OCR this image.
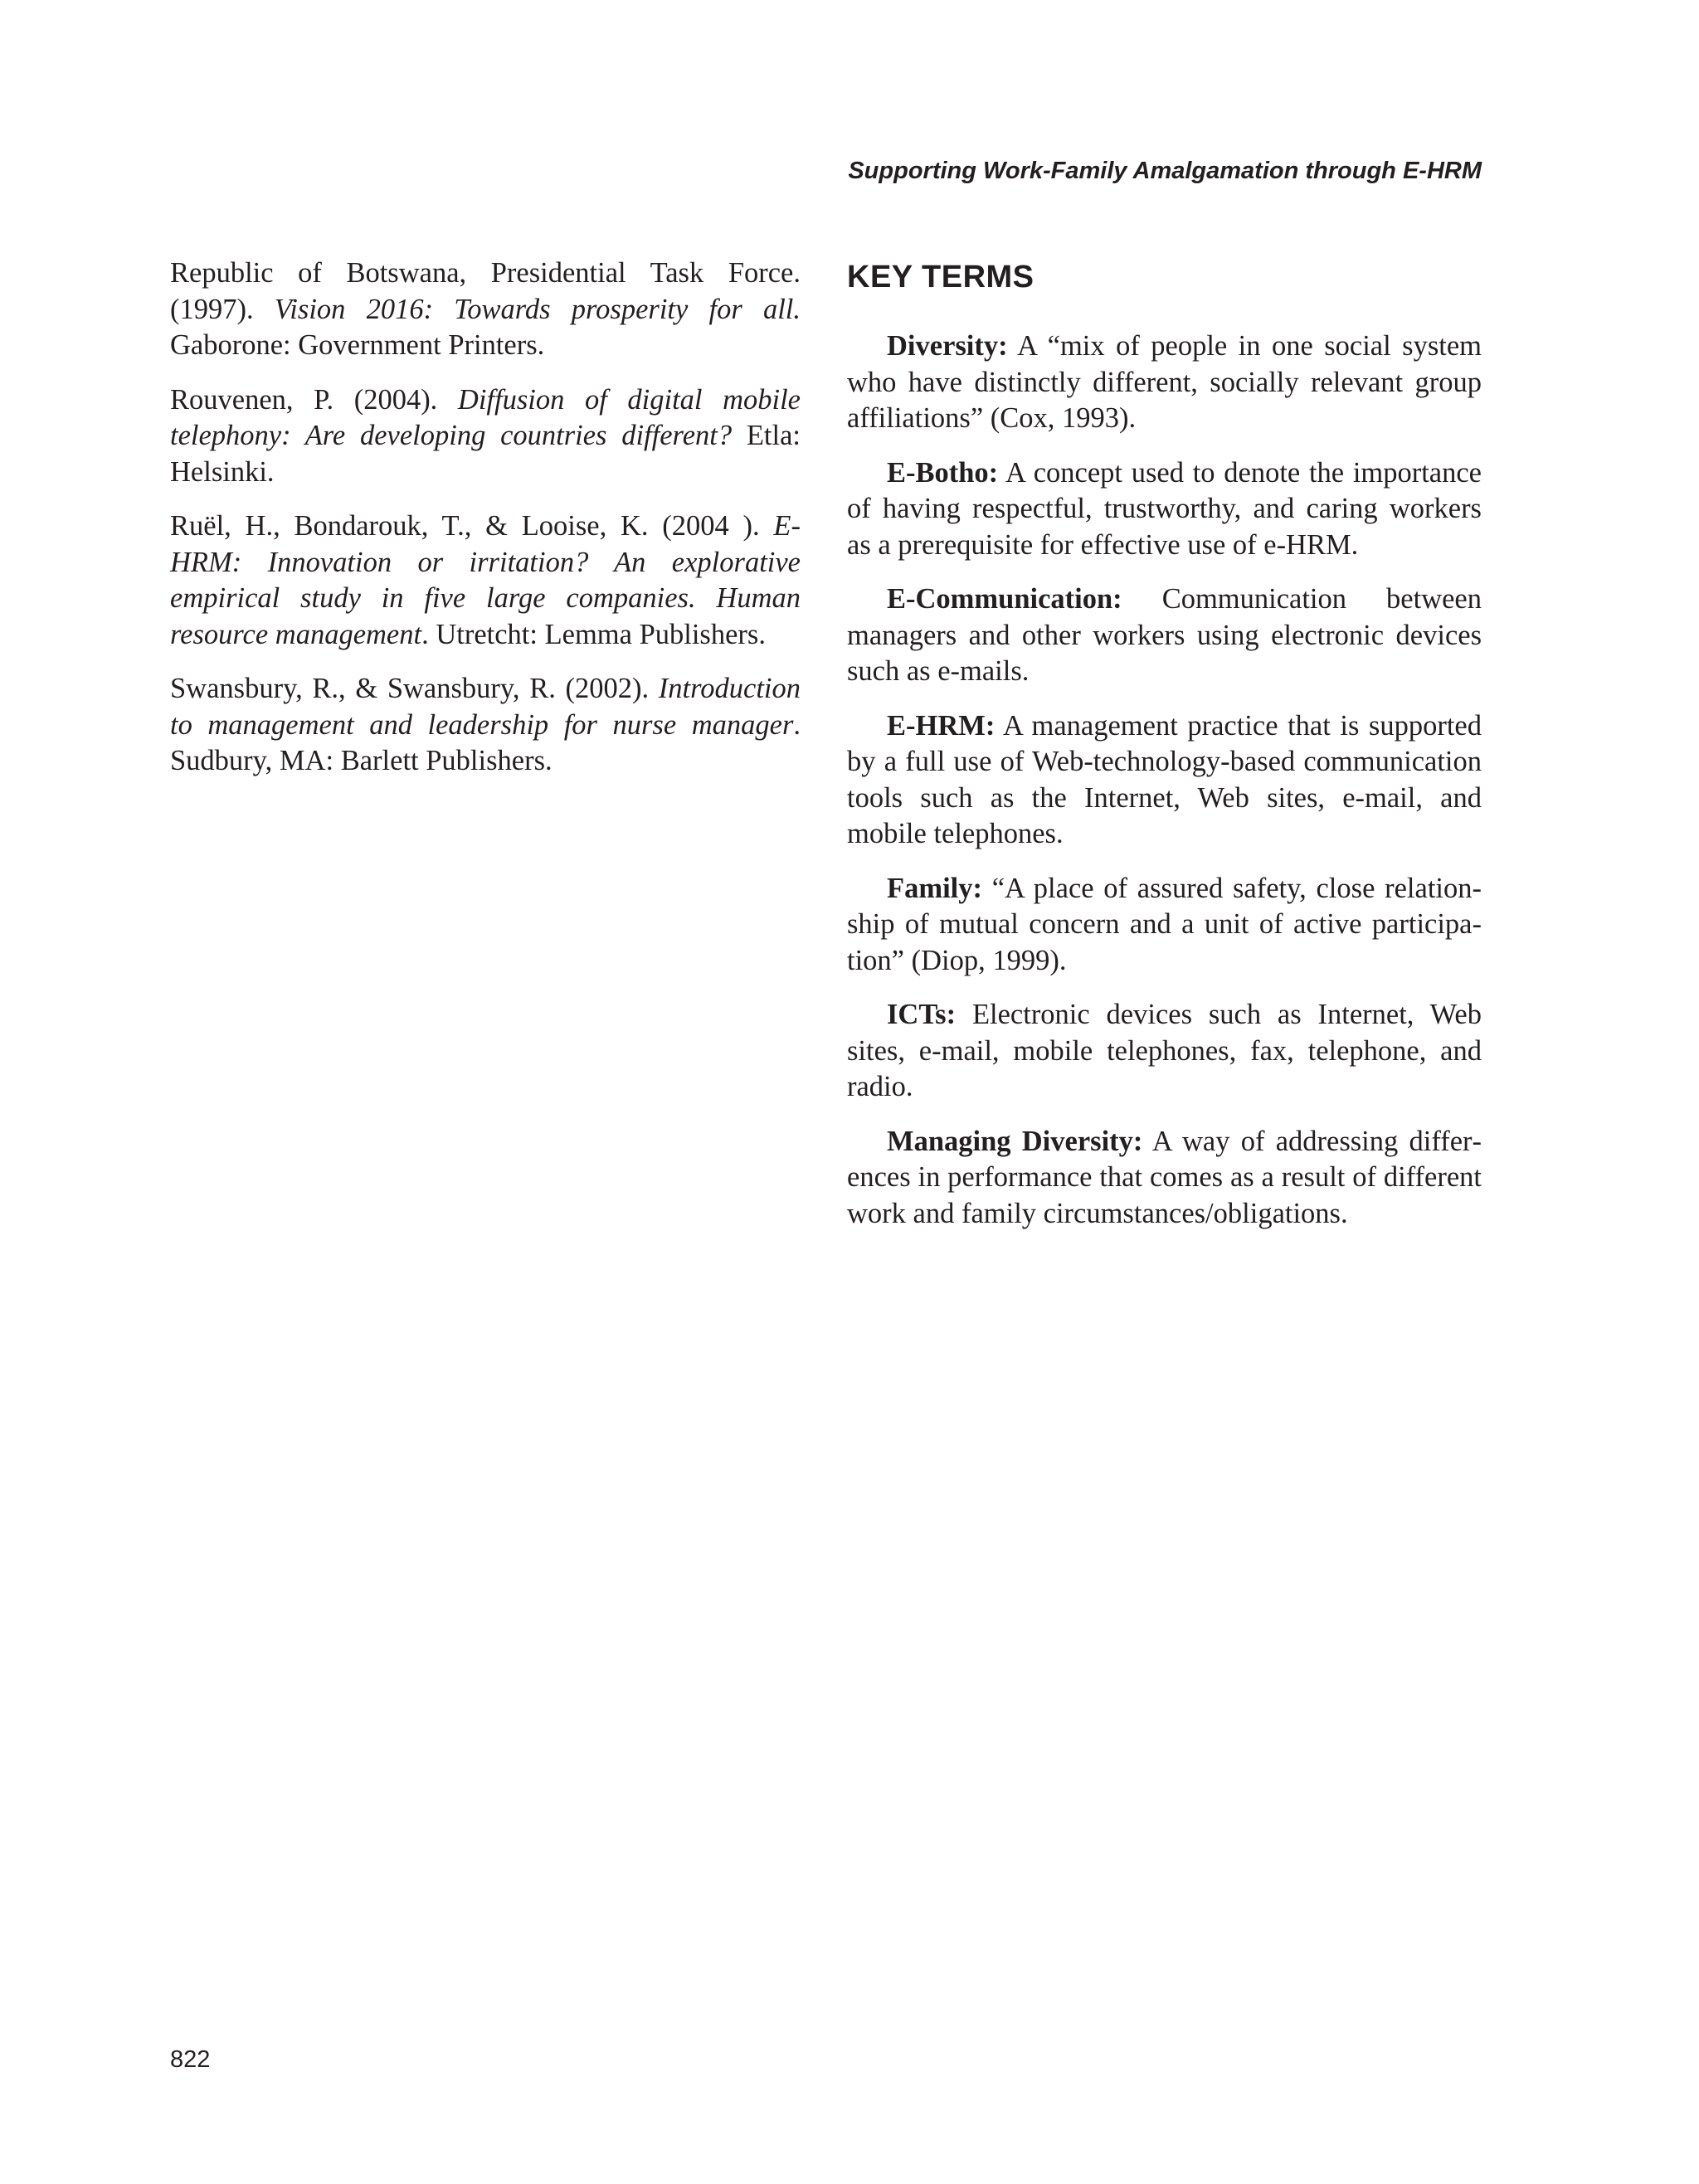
Supporting Work-Family Amalgamation through E-HRM

Republic of Botswana, Presidential Task Force. (1997). Vision 2016: Towards prosperity for all. Gaborone: Government Printers.

Rouvenen, P. (2004). Diffusion of digital mobile telephony: Are developing countries different? Etla: Helsinki.

Ruël, H., Bondarouk, T., & Looise, K. (2004 ). E-HRM: Innovation or irritation? An explorative empirical study in five large companies. Human resource management. Utretcht: Lemma Publishers.

Swansbury, R., & Swansbury, R. (2002). Introduction to management and leadership for nurse manager. Sudbury, MA: Barlett Publishers.

KEY TERMS

Diversity: A “mix of people in one social system who have distinctly different, socially relevant group affiliations” (Cox, 1993).

E-Botho: A concept used to denote the importance of having respectful, trustworthy, and caring workers as a prerequisite for effective use of e-HRM.

E-Communication: Communication between managers and other workers using electronic devices such as e-mails.

E-HRM: A management practice that is supported by a full use of Web-technology-based communication tools such as the Internet, Web sites, e-mail, and mobile telephones.

Family: “A place of assured safety, close relationship of mutual concern and a unit of active participation” (Diop, 1999).

ICTs: Electronic devices such as Internet, Web sites, e-mail, mobile telephones, fax, telephone, and radio.

Managing Diversity: A way of addressing differences in performance that comes as a result of different work and family circumstances/obligations.

822
